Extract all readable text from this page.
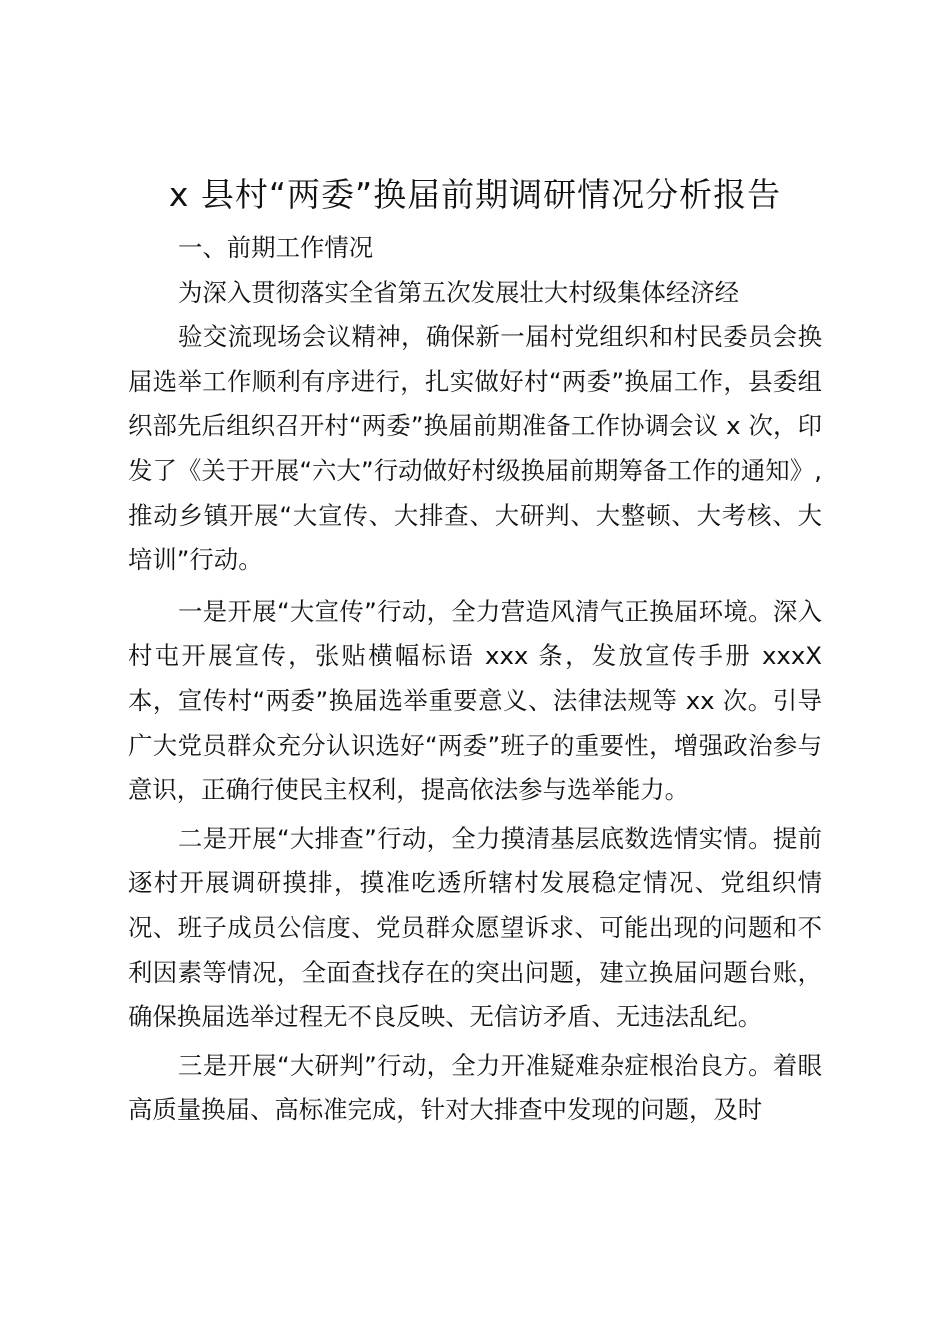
x 县村“两委”换届前期调研情况分析报告

一、前期工作情况

为深入贯彻落实全省第五次发展壮大村级集体经济经

验交流现场会议精神，确保新一届村党组织和村民委员会换届选举工作顺利有序进行，扎实做好村“两委”换届工作，县委组织部先后组织召开村“两委”换届前期准备工作协调会议 x 次，印发了《关于开展“六大”行动做好村级换届前期筹备工作的通知》,推动乡镇开展“大宣传、大排查、大研判、大整顿、大考核、大培训”行动。

一是开展“大宣传”行动，全力营造风清气正换届环境。深入村屯开展宣传，张贴横幅标语 xxx 条，发放宣传手册 xxxX 本，宣传村“两委”换届选举重要意义、法律法规等 xx 次。引导广大党员群众充分认识选好“两委”班子的重要性，增强政治参与意识，正确行使民主权利，提高依法参与选举能力。

二是开展“大排查”行动，全力摸清基层底数选情实情。提前逐村开展调研摸排，摸准吃透所辖村发展稳定情况、党组织情况、班子成员公信度、党员群众愿望诉求、可能出现的问题和不利因素等情况，全面查找存在的突出问题，建立换届问题台账，确保换届选举过程无不良反映、无信访矛盾、无违法乱纪。

三是开展“大研判”行动，全力开准疑难杂症根治良方。着眼高质量换届、高标准完成，针对大排查中发现的问题，及时
